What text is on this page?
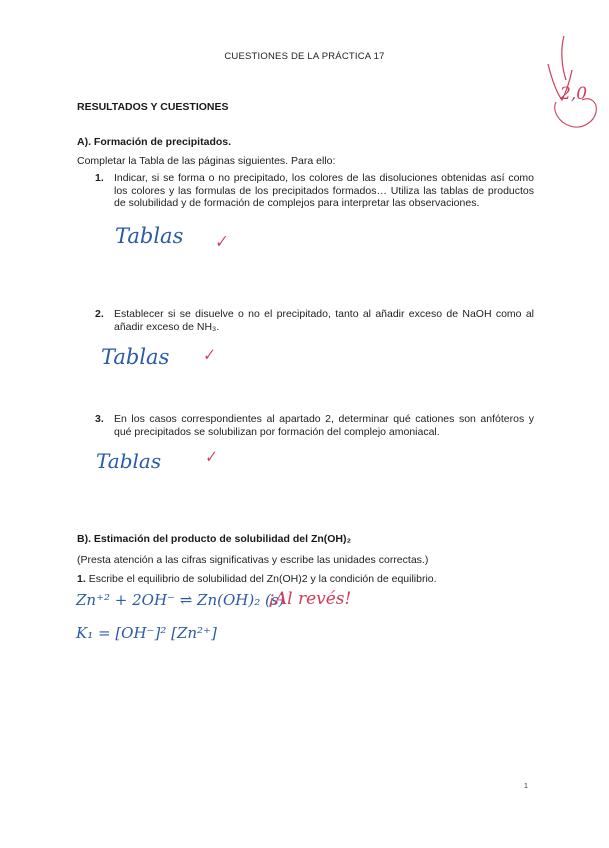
CUESTIONES DE LA PRÁCTICA 17
2,0
RESULTADOS Y CUESTIONES
A). Formación de precipitados.
Completar la Tabla de las páginas siguientes. Para ello:
1. Indicar, si se forma o no precipitado, los colores de las disoluciones obtenidas así como los colores y las formulas de los precipitados formados… Utiliza las tablas de productos de solubilidad y de formación de complejos para interpretar las observaciones.
Tablas ✓
2. Establecer si se disuelve o no el precipitado, tanto al añadir exceso de NaOH como al añadir exceso de NH₃.
Tablas ✓
3. En los casos correspondientes al apartado 2, determinar qué cationes son anfóteros y qué precipitados se solubilizan por formación del complejo amoniacal.
Tablas	✓
B). Estimación del producto de solubilidad del Zn(OH)₂
(Presta atención a las cifras significativas y escribe las unidades correctas.)
1. Escribe el equilibrio de solubilidad del Zn(OH)2 y la condición de equilibrio.
Zn⁺² + 2OH⁻ ⇌ Zn(OH)₂ (s)
¡Al revés!
K₁ = [OH⁻]² [Zn²⁺]
1
